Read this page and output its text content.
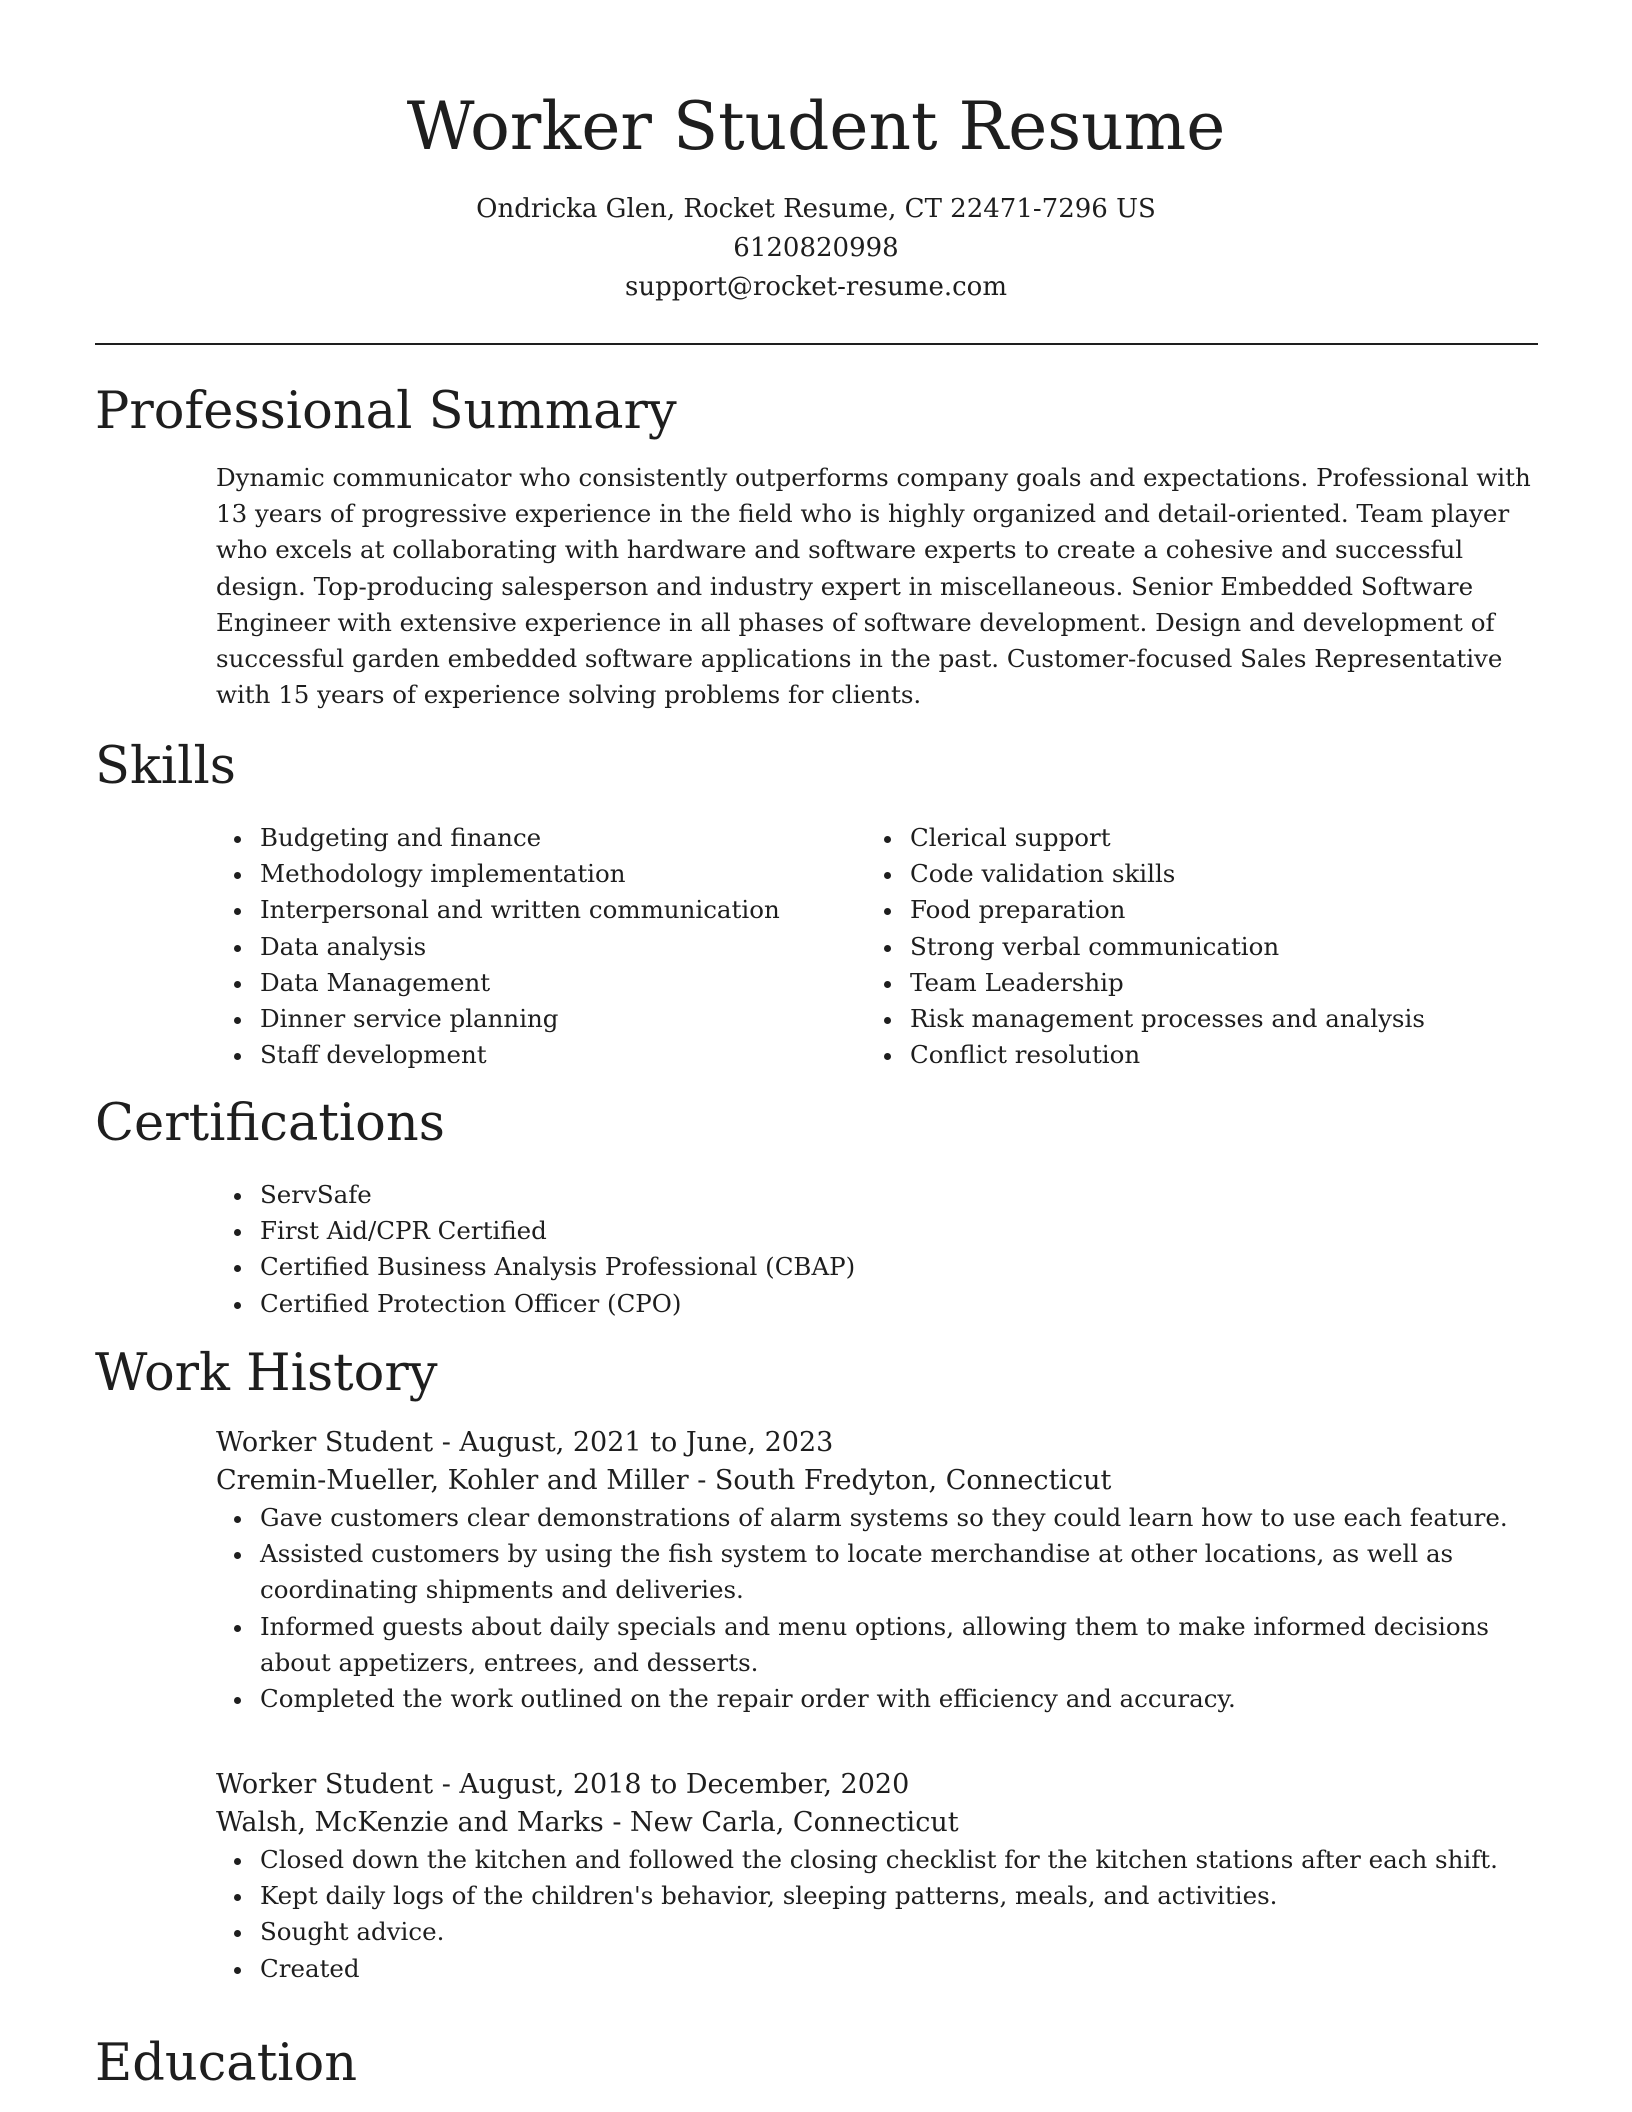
Worker Student Resume

Ondricka Glen, Rocket Resume, CT 22471-7296 US

6120820998

support@rocket-resume.com

Professional Summary

Dynamic communicator who consistently outperforms company goals and expectations. Professional with 13 years of progressive experience in the field who is highly organized and detail-oriented. Team player who excels at collaborating with hardware and software experts to create a cohesive and successful design. Top-producing salesperson and industry expert in miscellaneous. Senior Embedded Software Engineer with extensive experience in all phases of software development. Design and development of successful garden embedded software applications in the past. Customer-focused Sales Representative with 15 years of experience solving problems for clients.

Skills
Budgeting and finance
Methodology implementation
Interpersonal and written communication
Data analysis
Data Management
Dinner service planning
Staff development
Clerical support
Code validation skills
Food preparation
Strong verbal communication
Team Leadership
Risk management processes and analysis
Conflict resolution
Certifications
ServSafe
First Aid/CPR Certified
Certified Business Analysis Professional (CBAP)
Certified Protection Officer (CPO)
Work History

Worker Student - August, 2021 to June, 2023

Cremin-Mueller, Kohler and Miller - South Fredyton, Connecticut

Gave customers clear demonstrations of alarm systems so they could learn how to use each feature.
Assisted customers by using the fish system to locate merchandise at other locations, as well as coordinating shipments and deliveries.
Informed guests about daily specials and menu options, allowing them to make informed decisions about appetizers, entrees, and desserts.
Completed the work outlined on the repair order with efficiency and accuracy.

Worker Student - August, 2018 to December, 2020

Walsh, McKenzie and Marks - New Carla, Connecticut

Closed down the kitchen and followed the closing checklist for the kitchen stations after each shift.
Kept daily logs of the children's behavior, sleeping patterns, meals, and activities.
Sought advice.
Created
Education
